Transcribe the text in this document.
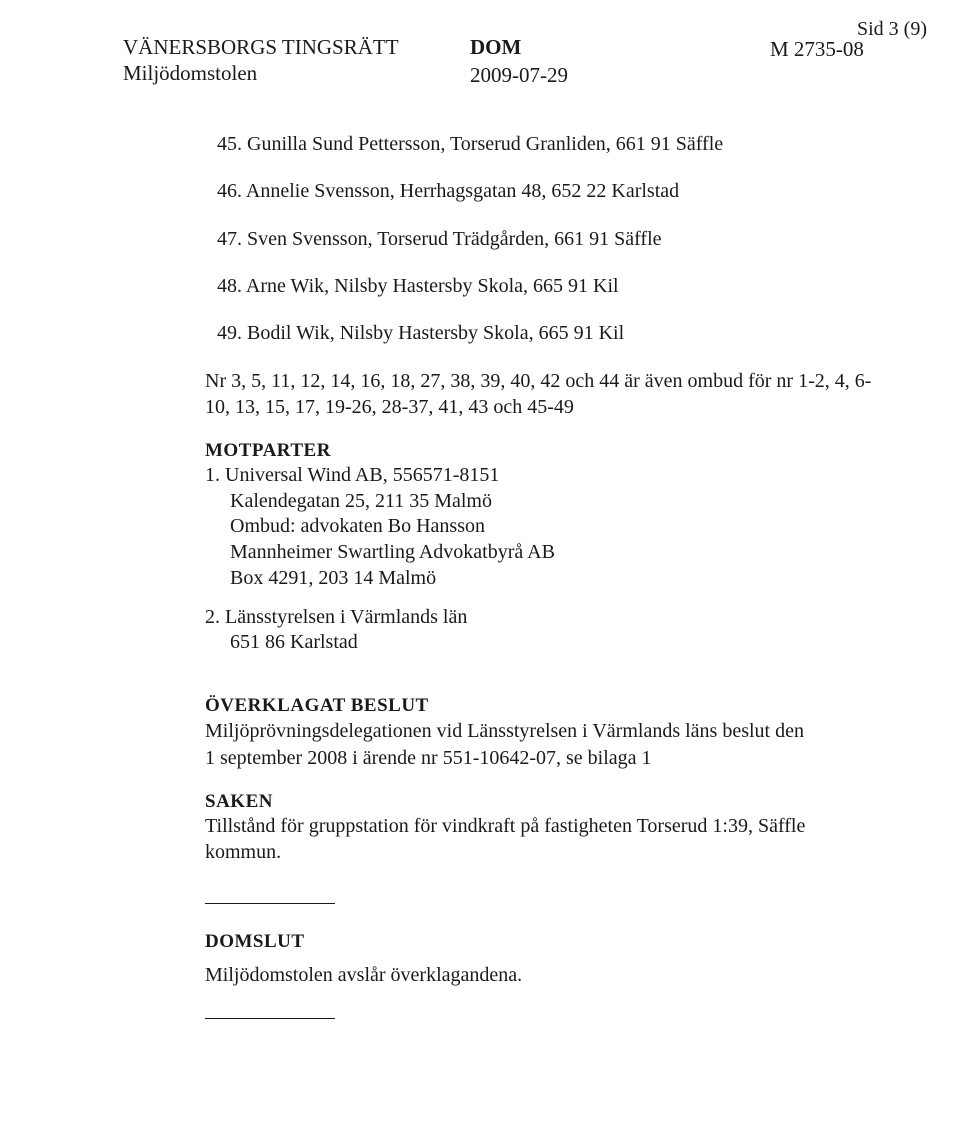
VÄNERSBORGS TINGSRÄTT
Miljödomstolen
DOM
2009-07-29
M 2735-08
Sid 3 (9)
45. Gunilla Sund Pettersson, Torserud Granliden, 661 91 Säffle
46. Annelie Svensson, Herrhagsgatan 48, 652 22 Karlstad
47. Sven Svensson, Torserud Trädgården, 661 91 Säffle
48. Arne Wik, Nilsby Hastersby Skola, 665 91 Kil
49. Bodil Wik, Nilsby Hastersby Skola, 665 91 Kil
Nr 3, 5, 11, 12, 14, 16, 18, 27, 38, 39, 40, 42 och 44 är även ombud för nr 1-2, 4, 6-
10, 13, 15, 17, 19-26, 28-37, 41, 43 och 45-49
MOTPARTER
1. Universal Wind AB, 556571-8151
Kalendegatan 25, 211 35 Malmö
Ombud: advokaten Bo Hansson
Mannheimer Swartling Advokatbyrå AB
Box 4291, 203 14 Malmö
2. Länsstyrelsen i Värmlands län
651 86 Karlstad
ÖVERKLAGAT BESLUT
Miljöprövningsdelegationen vid Länsstyrelsen i Värmlands läns beslut den
1 september 2008 i ärende nr 551-10642-07, se bilaga 1
SAKEN
Tillstånd för gruppstation för vindkraft på fastigheten Torserud 1:39, Säffle
kommun.
DOMSLUT
Miljödomstolen avslår överklagandena.
